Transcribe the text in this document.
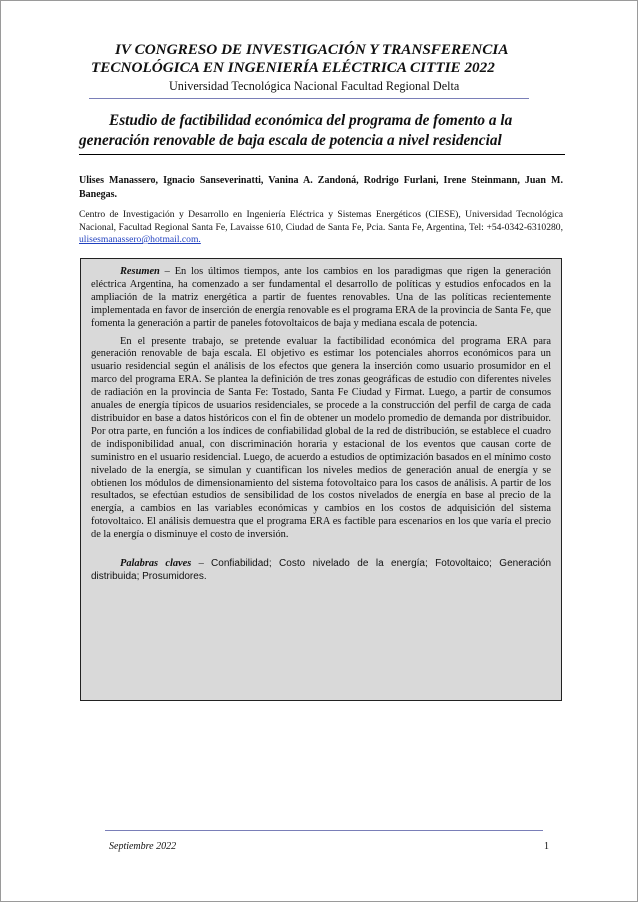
IV CONGRESO DE INVESTIGACIÓN Y TRANSFERENCIA
TECNOLÓGICA EN INGENIERÍA ELÉCTRICA CITTIE 2022
Universidad Tecnológica Nacional Facultad Regional Delta
Estudio de factibilidad económica del programa de fomento a la
generación renovable de baja escala de potencia a nivel residencial
Ulises Manassero, Ignacio Sanseverinatti, Vanina A. Zandoná, Rodrigo Furlani, Irene Steinmann, Juan M. Banegas.
Centro de Investigación y Desarrollo en Ingeniería Eléctrica y Sistemas Energéticos (CIESE), Universidad Tecnológica Nacional, Facultad Regional Santa Fe, Lavaisse 610, Ciudad de Santa Fe, Pcia. Santa Fe, Argentina, Tel: +54-0342-6310280, ulisesmanassero@hotmail.com.

Resumen – En los últimos tiempos, ante los cambios en los paradigmas que rigen la generación eléctrica Argentina, ha comenzado a ser fundamental el desarrollo de políticas y estudios enfocados en la ampliación de la matriz energética a partir de fuentes renovables. Una de las políticas recientemente implementada en favor de inserción de energía renovable es el programa ERA de la provincia de Santa Fe, que fomenta la generación a partir de paneles fotovoltaicos de baja y mediana escala de potencia.

En el presente trabajo, se pretende evaluar la factibilidad económica del programa ERA para generación renovable de baja escala. El objetivo es estimar los potenciales ahorros económicos para un usuario residencial según el análisis de los efectos que genera la inserción como usuario prosumidor en el marco del programa ERA. Se plantea la definición de tres zonas geográficas de estudio con diferentes niveles de radiación en la provincia de Santa Fe: Tostado, Santa Fe Ciudad y Firmat. Luego, a partir de consumos anuales de energía típicos de usuarios residenciales, se procede a la construcción del perfil de carga de cada distribuidor en base a datos históricos con el fin de obtener un modelo promedio de demanda por distribuidor. Por otra parte, en función a los índices de confiabilidad global de la red de distribución, se establece el cuadro de indisponibilidad anual, con discriminación horaria y estacional de los eventos que causan corte de suministro en el usuario residencial. Luego, de acuerdo a estudios de optimización basados en el mínimo costo nivelado de la energía, se simulan y cuantifican los niveles medios de generación anual de energía y se obtienen los módulos de dimensionamiento del sistema fotovoltaico para los casos de análisis. A partir de los resultados, se efectúan estudios de sensibilidad de los costos nivelados de energía en base al precio de la energía, a cambios en las variables económicas y cambios en los costos de adquisición del sistema fotovoltaico. El análisis demuestra que el programa ERA es factible para escenarios en los que varía el precio de la energía o disminuye el costo de inversión.

Palabras claves – Confiabilidad; Costo nivelado de la energía; Fotovoltaico; Generación distribuida; Prosumidores.

Septiembre 2022	1
